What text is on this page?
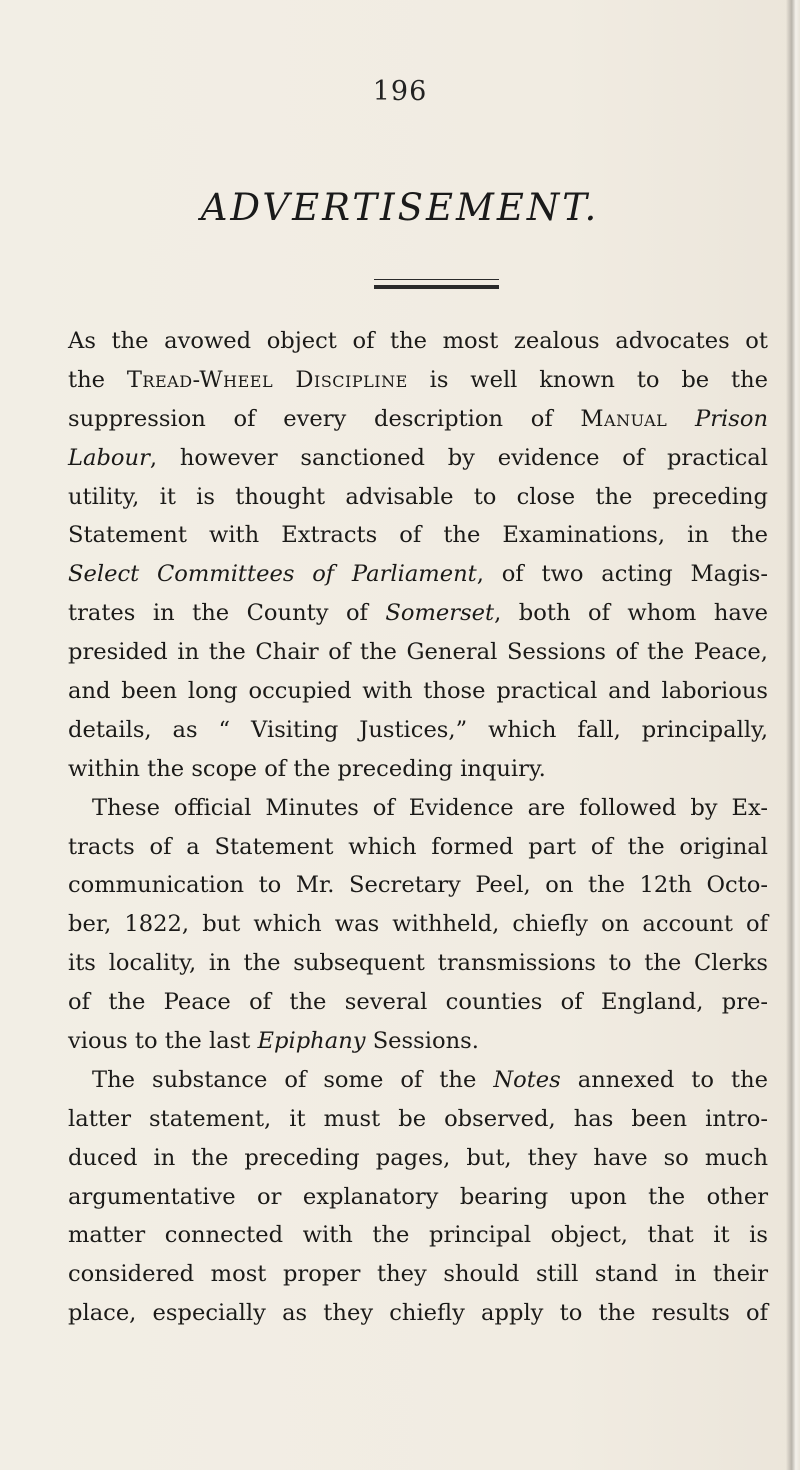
196
ADVERTISEMENT.
As the avowed object of the most zealous advocates ot
the Tread-Wheel Discipline is well known to be the
suppression of every description of Manual Prison
Labour, however sanctioned by evidence of practical
utility, it is thought advisable to close the preceding
Statement with Extracts of the Examinations, in the
Select Committees of Parliament, of two acting Magis-
trates in the County of Somerset, both of whom have
presided in the Chair of the General Sessions of the Peace,
and been long occupied with those practical and laborious
details, as “ Visiting Justices,” which fall, principally,
within the scope of the preceding inquiry.
These official Minutes of Evidence are followed by Ex-
tracts of a Statement which formed part of the original
communication to Mr. Secretary Peel, on the 12th Octo-
ber, 1822, but which was withheld, chiefly on account of
its locality, in the subsequent transmissions to the Clerks
of the Peace of the several counties of England, pre-
vious to the last Epiphany Sessions.
The substance of some of the Notes annexed to the
latter statement, it must be observed, has been intro-
duced in the preceding pages, but, they have so much
argumentative or explanatory bearing upon the other
matter connected with the principal object, that it is
considered most proper they should still stand in their
place, especially as they chiefly apply to the results of
